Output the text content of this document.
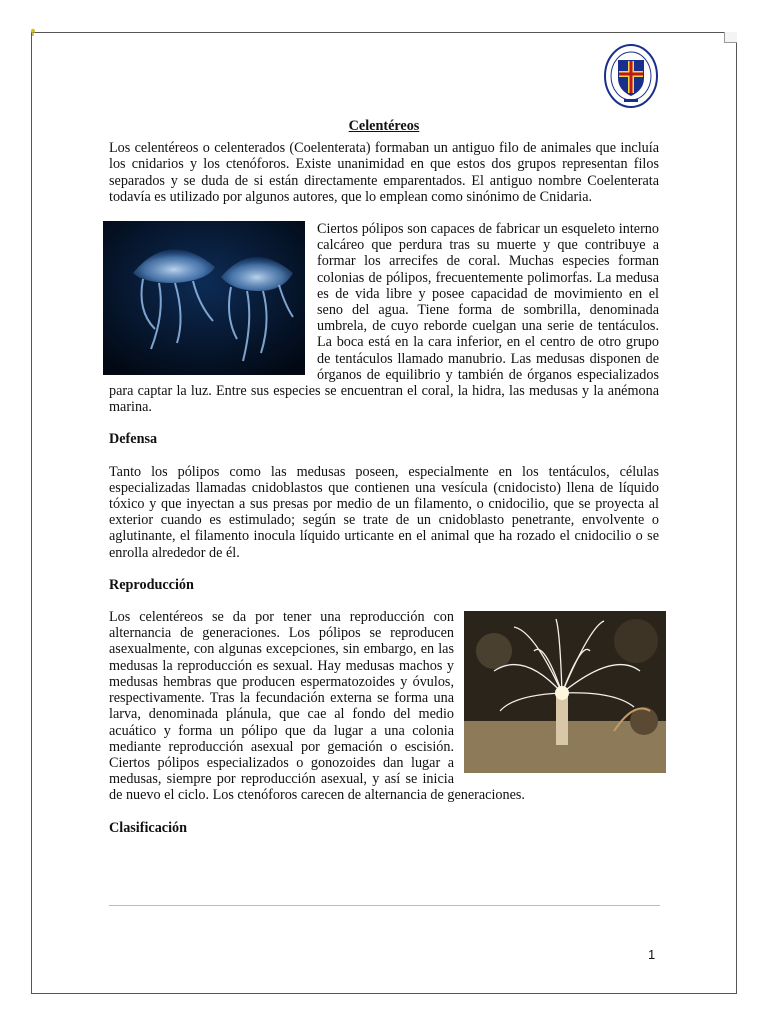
Celentéreos

Los celentéreos o celenterados (Coelenterata) formaban un antiguo filo de animales que incluía los cnidarios y los ctenóforos. Existe unanimidad en que estos dos grupos representan filos separados y se duda de si están directamente emparentados. El antiguo nombre Coelenterata todavía es utilizado por algunos autores, que lo emplean como sinónimo de Cnidaria.

Ciertos pólipos son capaces de fabricar un esqueleto interno calcáreo que perdura tras su muerte y que contribuye a formar los arrecifes de coral. Muchas especies forman colonias de pólipos, frecuentemente polimorfas. La medusa es de vida libre y posee capacidad de movimiento en el seno del agua. Tiene forma de sombrilla, denominada umbrela, de cuyo reborde cuelgan una serie de tentáculos. La boca está en la cara inferior, en el centro de otro grupo de tentáculos llamado manubrio. Las medusas disponen de órganos de equilibrio y también de órganos especializados para captar la luz. Entre sus especies se encuentran el coral, la hidra, las medusas y la anémona marina.

Defensa

Tanto los pólipos como las medusas poseen, especialmente en los tentáculos, células especializadas llamadas cnidoblastos que contienen una vesícula (cnidocisto) llena de líquido tóxico y que inyectan a sus presas por medio de un filamento, o cnidocilio, que se proyecta al exterior cuando es estimulado; según se trate de un cnidoblasto penetrante, envolvente o aglutinante, el filamento inocula líquido urticante en el animal que ha rozado el cnidocilio o se enrolla alrededor de él.

Reproducción

Los celentéreos se da por tener una reproducción con alternancia de generaciones. Los pólipos se reproducen asexualmente, con algunas excepciones, sin embargo, en las medusas la reproducción es sexual. Hay medusas machos y medusas hembras que producen espermatozoides y óvulos, respectivamente. Tras la fecundación externa se forma una larva, denominada plánula, que cae al fondo del medio acuático y forma un pólipo que da lugar a una colonia mediante reproducción asexual por gemación o escisión. Ciertos pólipos especializados o gonozoides dan lugar a medusas, siempre por reproducción asexual, y así se inicia de nuevo el ciclo. Los ctenóforos carecen de alternancia de generaciones.

Clasificación
1
